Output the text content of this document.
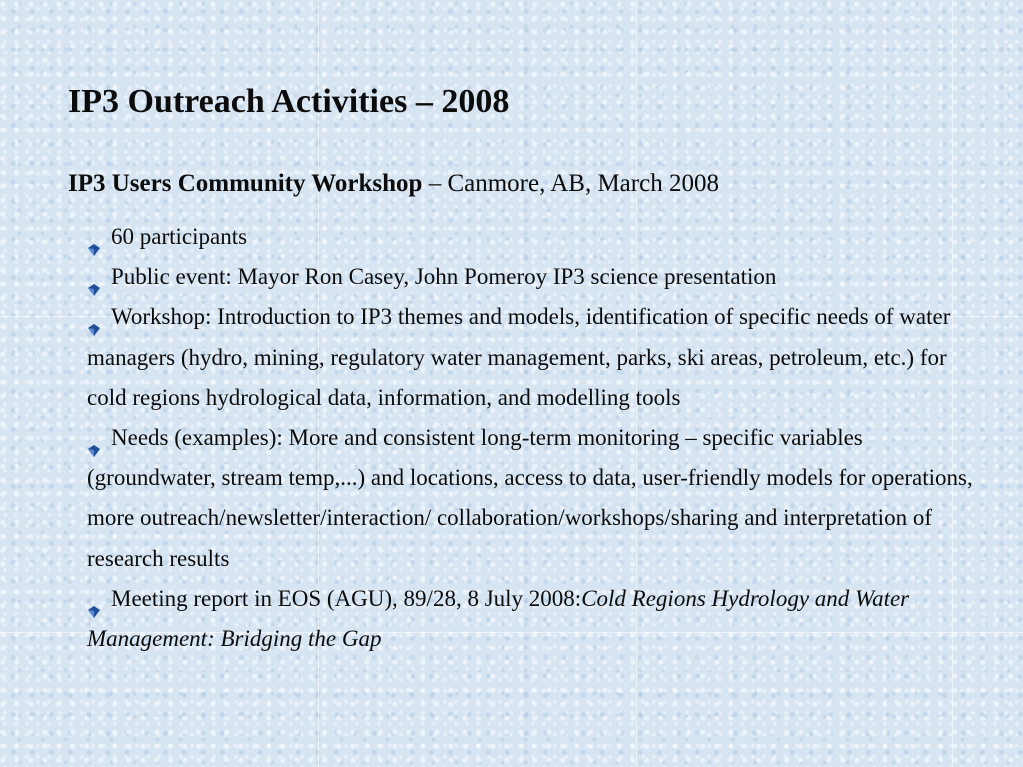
IP3 Outreach Activities – 2008

IP3 Users Community Workshop – Canmore, AB, March 2008

60 participants
Public event: Mayor Ron Casey, John Pomeroy IP3 science presentation
Workshop: Introduction to IP3 themes and models, identification of specific needs of water managers (hydro, mining, regulatory water management, parks, ski areas, petroleum, etc.) for cold regions hydrological data, information, and modelling tools
Needs (examples): More and consistent long-term monitoring – specific variables (groundwater, stream temp,...) and locations, access to data, user-friendly models for operations, more outreach/newsletter/interaction/ collaboration/workshops/sharing and interpretation of research results
Meeting report in EOS (AGU), 89/28, 8 July 2008:Cold Regions Hydrology and Water Management: Bridging the Gap
